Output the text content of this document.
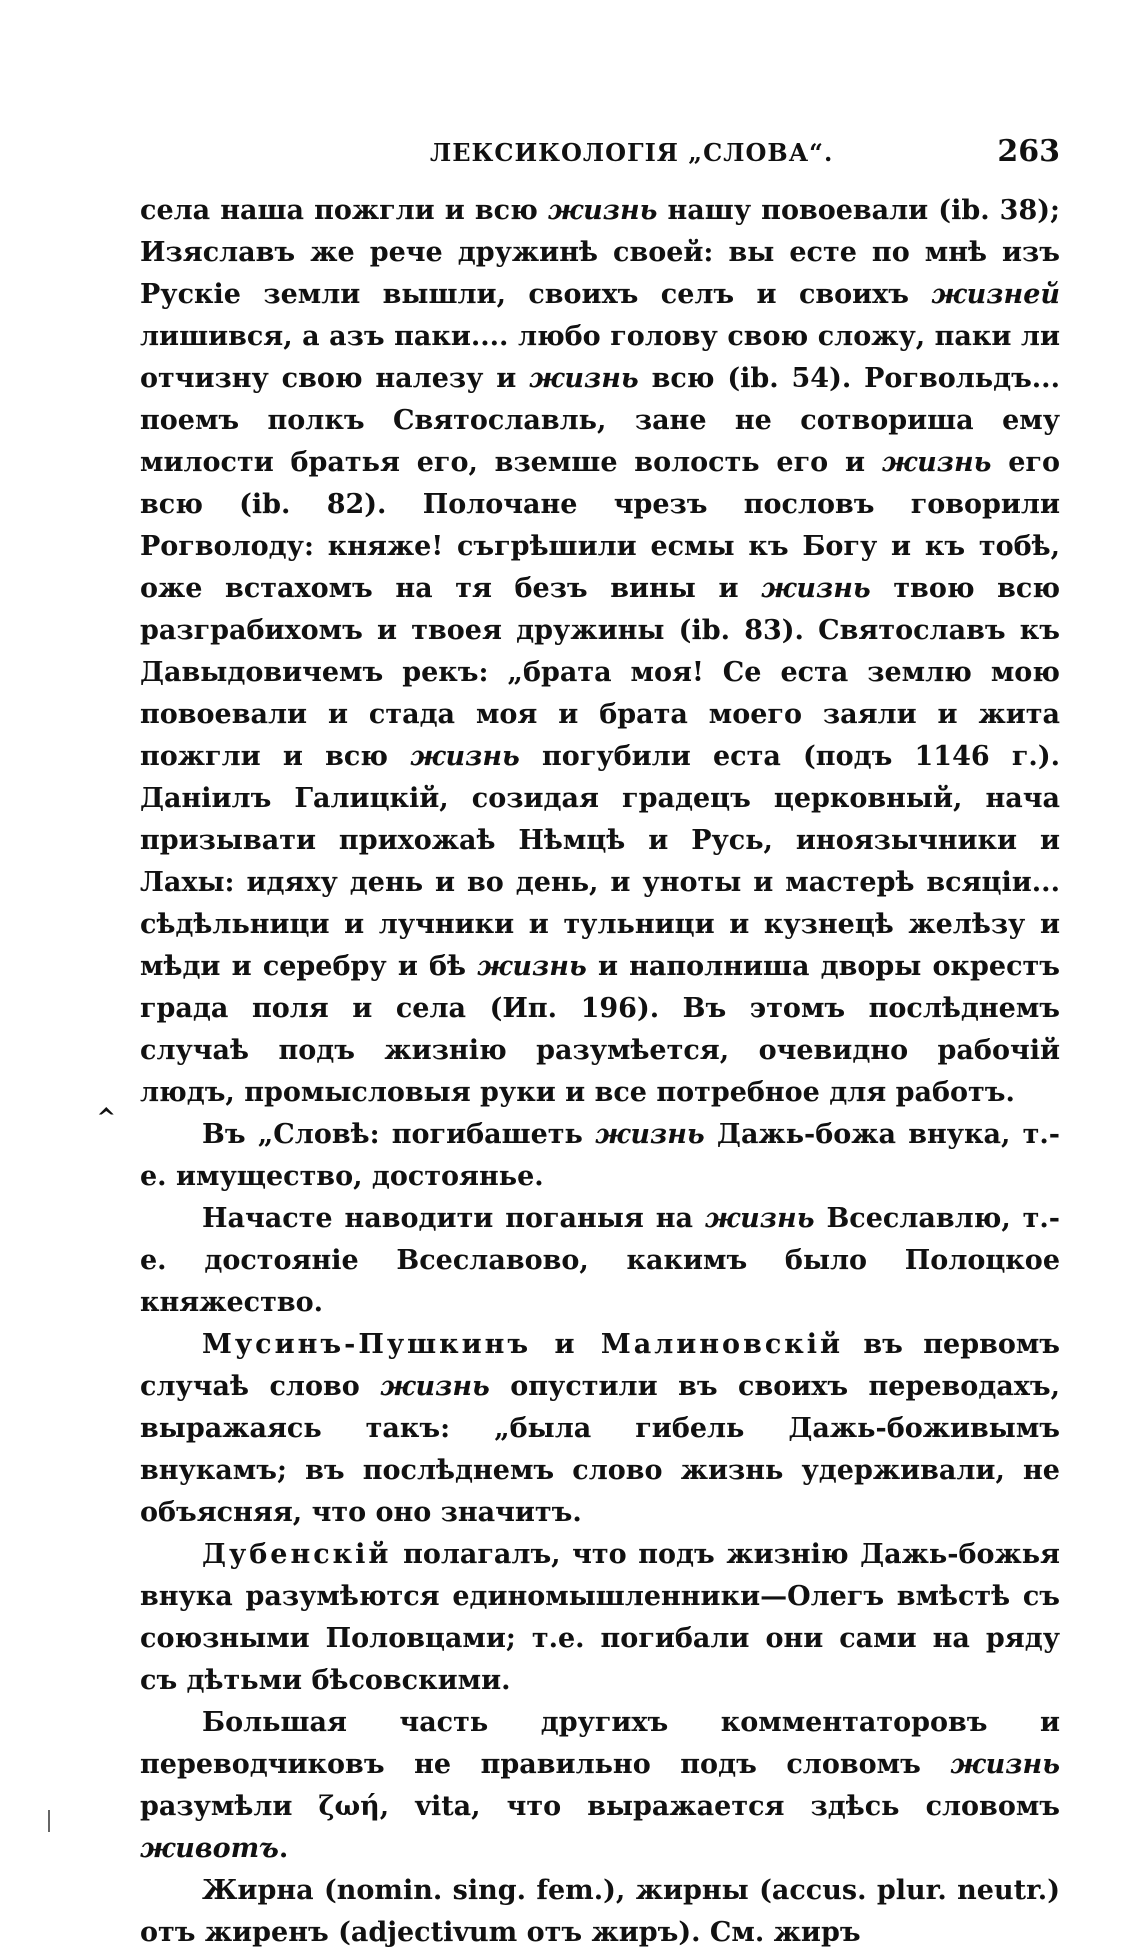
ЛЕКСИКОЛОГІЯ „СЛОВА“.	263
‸

села наша пожгли и всю жизнь нашу повоевали (ib. 38); Изяславъ же рече дружинѣ своей: вы есте по мнѣ изъ Рускіе земли вышли, своихъ селъ и своихъ жизней лишився, а азъ паки.... любо голову свою сложу, паки ли отчизну свою налезу и жизнь всю (ib. 54). Рогвольдъ... поемъ полкъ Святославль, зане не сотвориша ему милости братья его, вземше волость его и жизнь его всю (ib. 82). Полочане чрезъ пословъ говорили Рогволоду: княже! съгрѣшили есмы къ Богу и къ тобѣ, оже встахомъ на тя безъ вины и жизнь твою всю разграбихомъ и твоея дружины (ib. 83). Святославъ къ Давыдовичемъ рекъ: „брата моя! Се еста землю мою повоевали и стада моя и брата моего заяли и жита пожгли и всю жизнь погубили еста (подъ 1146 г.). Даніилъ Галицкій, созидая градецъ церковный, нача призывати прихожаѣ Нѣмцѣ и Русь, иноязычники и Лахы: идяху день и во день, и уноты и мастерѣ всяціи... сѣдѣльници и лучники и тульници и кузнецѣ желѣзу и мѣди и серебру и бѣ жизнь и наполниша дворы окрестъ града поля и села (Ип. 196). Въ этомъ послѣднемъ случаѣ подъ жизнію разумѣется, очевидно рабочій людъ, промысловыя руки и все потребное для работъ.

Въ „Словѣ: погибашеть жизнь Дажь-божа внука, т.-е. имущество, достоянье.

Начасте наводити поганыя на жизнь Всеславлю, т.-е. достояніе Всеславово, какимъ было Полоцкое княжество.

Мусинъ-Пушкинъ и Малиновскій въ первомъ случаѣ слово жизнь опустили въ своихъ переводахъ, выражаясь такъ: „была гибель Дажь-боживымъ внукамъ; въ послѣднемъ слово жизнь удерживали, не объясняя, что оно значитъ.

Дубенскій полагалъ, что подъ жизнію Дажь-божья внука разумѣются единомышленники—Олегъ вмѣстѣ съ союзными Половцами; т.е. погибали они сами на ряду съ дѣтьми бѣсовскими.

Большая часть другихъ комментаторовъ и переводчиковъ не правильно подъ словомъ жизнь разумѣли ζωή, vita, что выражается здѣсь словомъ животъ.

Жирна (nomin. sing. fem.), жирны (accus. plur. neutr.) отъ жиренъ (adjectivum отъ жиръ). См. жиръ
